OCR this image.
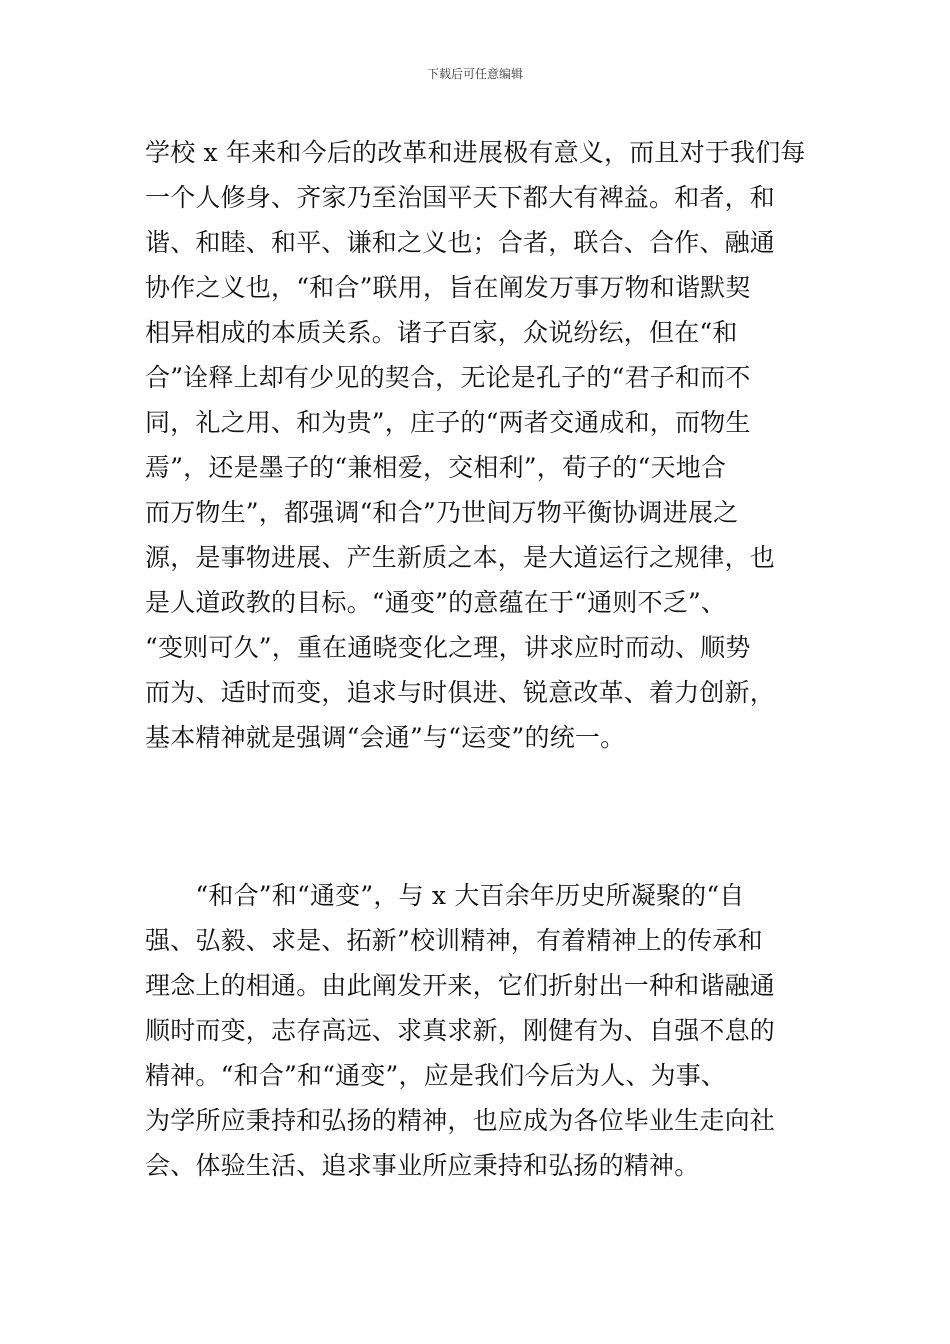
下载后可任意编辑
学校 x 年来和今后的改革和进展极有意义，而且对于我们每
一个人修身、齐家乃至治国平天下都大有裨益。和者，和
谐、和睦、和平、谦和之义也；合者，联合、合作、融通
协作之义也，“和合”联用，旨在阐发万事万物和谐默契
相异相成的本质关系。诸子百家，众说纷纭，但在“和
合”诠释上却有少见的契合，无论是孔子的“君子和而不
同，礼之用、和为贵”，庄子的“两者交通成和，而物生
焉”，还是墨子的“兼相爱，交相利”，荀子的“天地合
而万物生”，都强调“和合”乃世间万物平衡协调进展之
源，是事物进展、产生新质之本，是大道运行之规律，也
是人道政教的目标。“通变”的意蕴在于“通则不乏”、
“变则可久”，重在通晓变化之理，讲求应时而动、顺势
而为、适时而变，追求与时俱进、锐意改革、着力创新，
基本精神就是强调“会通”与“运变”的统一。
　　“和合”和“通变”，与 x 大百余年历史所凝聚的“自
强、弘毅、求是、拓新”校训精神，有着精神上的传承和
理念上的相通。由此阐发开来，它们折射出一种和谐融通
顺时而变，志存高远、求真求新，刚健有为、自强不息的
精神。“和合”和“通变”，应是我们今后为人、为事、
为学所应秉持和弘扬的精神，也应成为各位毕业生走向社
会、体验生活、追求事业所应秉持和弘扬的精神。
